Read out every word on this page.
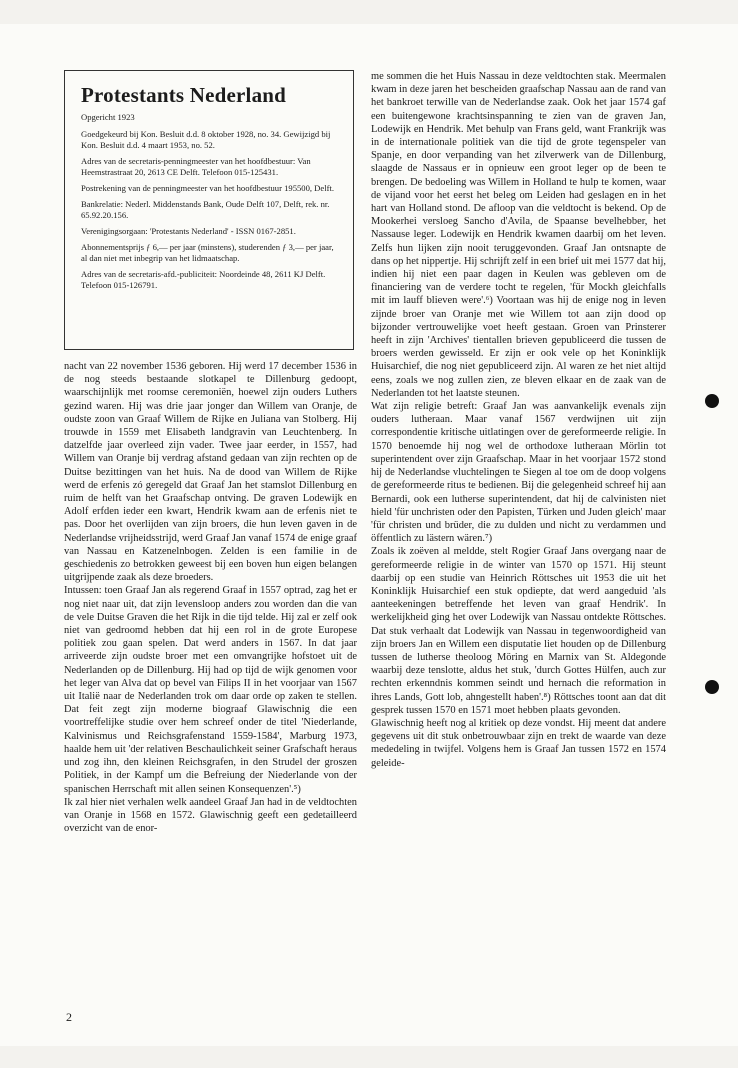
Protestants Nederland
Opgericht 1923

Goedgekeurd bij Kon. Besluit d.d. 8 oktober 1928, no. 34. Gewijzigd bij Kon. Besluit d.d. 4 maart 1953, no. 52.

Adres van de secretaris-penningmeester van het hoofdbestuur: Van Heemstrastraat 20, 2613 CE Delft. Telefoon 015-125431.

Postrekening van de penningmeester van het hoofdbestuur 195500, Delft.

Bankrelatie: Nederl. Middenstands Bank, Oude Delft 107, Delft, rek. nr. 65.92.20.156.

Verenigingsorgaan: 'Protestants Nederland' - ISSN 0167-2851.

Abonnementsprijs ƒ 6,— per jaar (minstens), studerenden ƒ 3,— per jaar, al dan niet met inbegrip van het lidmaatschap.

Adres van de secretaris-afd.-publiciteit: Noordeinde 48, 2611 KJ Delft. Telefoon 015-126791.

nacht van 22 november 1536 geboren. Hij werd 17 december 1536 in de nog steeds bestaande slotkapel te Dillenburg gedoopt, waarschijnlijk met roomse ceremoniën, hoewel zijn ouders Luthers gezind waren. Hij was drie jaar jonger dan Willem van Oranje, de oudste zoon van Graaf Willem de Rijke en Juliana van Stolberg. Hij trouwde in 1559 met Elisabeth landgravin van Leuchtenberg. In datzelfde jaar overleed zijn vader. Twee jaar eerder, in 1557, had Willem van Oranje bij verdrag afstand gedaan van zijn rechten op de Duitse bezittingen van het huis. Na de dood van Willem de Rijke werd de erfenis zó geregeld dat Graaf Jan het stamslot Dillenburg en ruim de helft van het Graafschap ontving. De graven Lodewijk en Adolf erfden ieder een kwart, Hendrik kwam aan de erfenis niet te pas. Door het overlijden van zijn broers, die hun leven gaven in de Nederlandse vrijheidsstrijd, werd Graaf Jan vanaf 1574 de enige graaf van Nassau en Katzenelnbogen. Zelden is een familie in de geschiedenis zo betrokken geweest bij een boven hun eigen belangen uitgrijpende zaak als deze broeders.

Intussen: toen Graaf Jan als regerend Graaf in 1557 optrad, zag het er nog niet naar uit, dat zijn levensloop anders zou worden dan die van de vele Duitse Graven die het Rijk in die tijd telde. Hij zal er zelf ook niet van gedroomd hebben dat hij een rol in de grote Europese politiek zou gaan spelen. Dat werd anders in 1567. In dat jaar arriveerde zijn oudste broer met een omvangrijke hofstoet uit de Nederlanden op de Dillenburg. Hij had op tijd de wijk genomen voor het leger van Alva dat op bevel van Filips II in het voorjaar van 1567 uit Italië naar de Nederlanden trok om daar orde op zaken te stellen. Dat feit zegt zijn moderne biograaf Glawischnig die een voortreffelijke studie over hem schreef onder de titel 'Niederlande, Kalvinismus und Reichsgrafenstand 1559-1584', Marburg 1973, haalde hem uit 'der relativen Beschaulichkeit seiner Grafschaft heraus und zog ihn, den kleinen Reichsgrafen, in den Strudel der groszen Politiek, in der Kampf um die Befreiung der Niederlande von der spanischen Herrschaft mit allen seinen Konsequenzen'.⁵)

Ik zal hier niet verhalen welk aandeel Graaf Jan had in de veldtochten van Oranje in 1568 en 1572. Glawischnig geeft een gedetailleerd overzicht van de enor-

me sommen die het Huis Nassau in deze veldtochten stak. Meermalen kwam in deze jaren het bescheiden graafschap Nassau aan de rand van het bankroet terwille van de Nederlandse zaak. Ook het jaar 1574 gaf een buitengewone krachtsinspanning te zien van de graven Jan, Lodewijk en Hendrik. Met behulp van Frans geld, want Frankrijk was in de internationale politiek van die tijd de grote tegenspeler van Spanje, en door verpanding van het zilverwerk van de Dillenburg, slaagde de Nassaus er in opnieuw een groot leger op de been te brengen. De bedoeling was Willem in Holland te hulp te komen, waar de vijand voor het eerst het beleg om Leiden had geslagen en in het hart van Holland stond. De afloop van die veldtocht is bekend. Op de Mookerhei versloeg Sancho d'Avila, de Spaanse bevelhebber, het Nassause leger. Lodewijk en Hendrik kwamen daarbij om het leven. Zelfs hun lijken zijn nooit teruggevonden. Graaf Jan ontsnapte de dans op het nippertje. Hij schrijft zelf in een brief uit mei 1577 dat hij, indien hij niet een paar dagen in Keulen was gebleven om de financiering van de verdere tocht te regelen, 'für Mockh gleichfalls mit im lauff blieven were'.⁶) Voortaan was hij de enige nog in leven zijnde broer van Oranje met wie Willem tot aan zijn dood op bijzonder vertrouwelijke voet heeft gestaan. Groen van Prinsterer heeft in zijn 'Archives' tientallen brieven gepubliceerd die tussen de broers werden gewisseld. Er zijn er ook vele op het Koninklijk Huisarchief, die nog niet gepubliceerd zijn. Al waren ze het niet altijd eens, zoals we nog zullen zien, ze bleven elkaar en de zaak van de Nederlanden tot het laatste steunen.

Wat zijn religie betreft: Graaf Jan was aanvankelijk evenals zijn ouders lutheraan. Maar vanaf 1567 verdwijnen uit zijn correspondentie kritische uitlatingen over de gereformeerde religie. In 1570 benoemde hij nog wel de orthodoxe lutheraan Mörlin tot superintendent over zijn Graafschap. Maar in het voorjaar 1572 stond hij de Nederlandse vluchtelingen te Siegen al toe om de doop volgens de gereformeerde ritus te bedienen. Bij die gelegenheid schreef hij aan Bernardi, ook een lutherse superintendent, dat hij de calvinisten niet hield 'für unchristen oder den Papisten, Türken und Juden gleich' maar 'für christen und brüder, die zu dulden und nicht zu verdammen und öffentlich zu lästern wären.⁷)

Zoals ik zoëven al meldde, stelt Rogier Graaf Jans overgang naar de gereformeerde religie in de winter van 1570 op 1571. Hij steunt daarbij op een studie van Heinrich Röttsches uit 1953 die uit het Koninklijk Huisarchief een stuk opdiepte, dat werd aangeduid 'als aanteekeningen betreffende het leven van graaf Hendrik'. In werkelijkheid ging het over Lodewijk van Nassau ontdekte Röttsches. Dat stuk verhaalt dat Lodewijk van Nassau in tegenwoordigheid van zijn broers Jan en Willem een disputatie liet houden op de Dillenburg tussen de lutherse theoloog Möring en Marnix van St. Aldegonde waarbij deze tenslotte, aldus het stuk, 'durch Gottes Hülfen, auch zur rechten erkenndnis kommen seindt und hernach die reformation in ihres Lands, Gott lob, ahngestellt haben'.⁸) Röttsches toont aan dat dit gesprek tussen 1570 en 1571 moet hebben plaats gevonden.

Glawischnig heeft nog al kritiek op deze vondst. Hij meent dat andere gegevens uit dit stuk onbetrouwbaar zijn en trekt de waarde van deze mededeling in twijfel. Volgens hem is Graaf Jan tussen 1572 en 1574 geleide-

2
